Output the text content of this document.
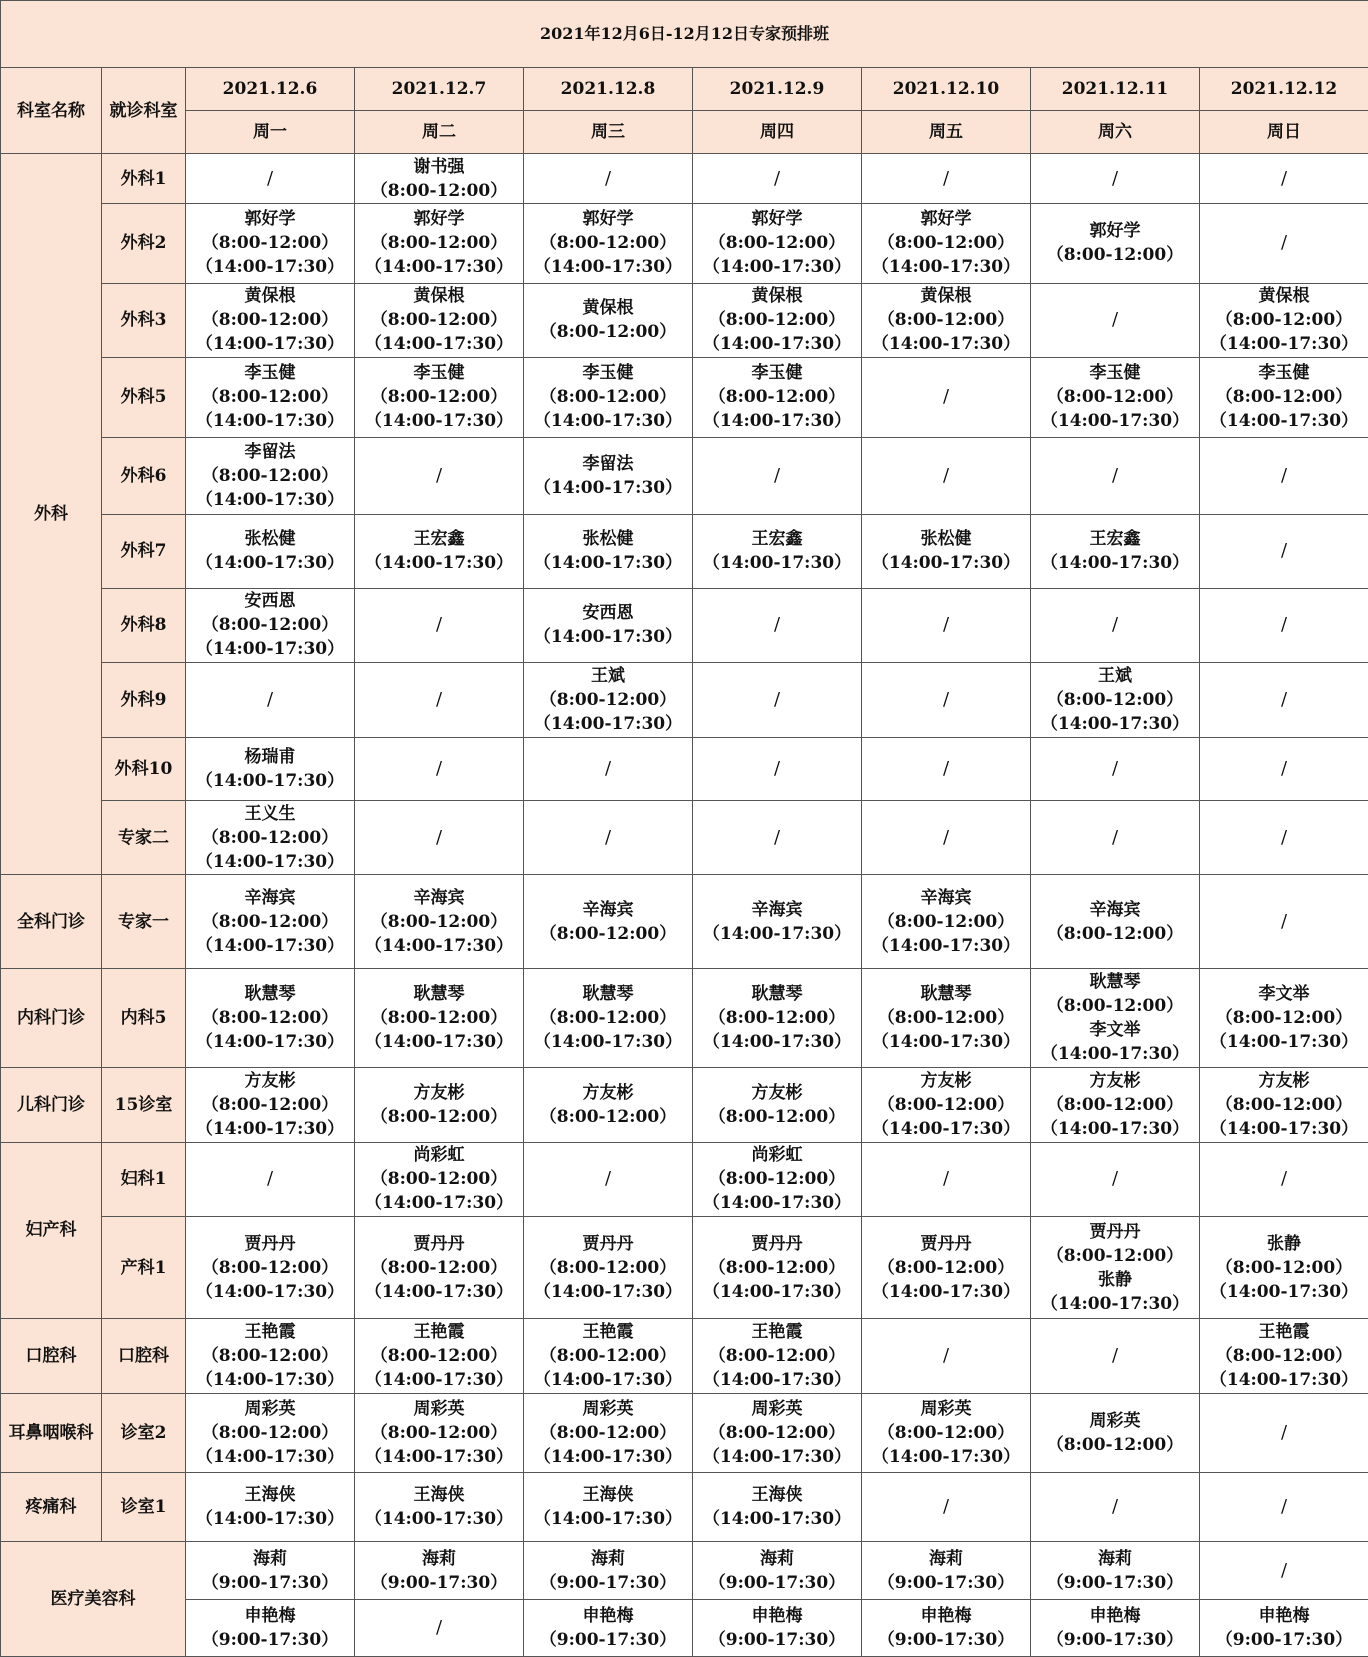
2021年12月6日-12月12日专家预排班								
科室名称	就诊科室	2021.12.6	2021.12.7	2021.12.8	2021.12.9	2021.12.10	2021.12.11	2021.12.12
		周一	周二	周三	周四	周五	周六	周日
外科	外科1	/	谢书强
（8:00-12:00）	/	/	/	/	/

	外科2	郭好学
（8:00-12:00）
（14:00-17:30）	郭好学
（8:00-12:00）
（14:00-17:30）	郭好学
（8:00-12:00）
（14:00-17:30）	郭好学
（8:00-12:00）
（14:00-17:30）	郭好学
（8:00-12:00）
（14:00-17:30）	郭好学
（8:00-12:00）	/

	外科3	黄保根
（8:00-12:00）
（14:00-17:30）	黄保根
（8:00-12:00）
（14:00-17:30）	黄保根
（8:00-12:00）	黄保根
（8:00-12:00）
（14:00-17:30）	黄保根
（8:00-12:00）
（14:00-17:30）	/	黄保根
（8:00-12:00）
（14:00-17:30）

	外科5	李玉健
（8:00-12:00）
（14:00-17:30）	李玉健
（8:00-12:00）
（14:00-17:30）	李玉健
（8:00-12:00）
（14:00-17:30）	李玉健
（8:00-12:00）
（14:00-17:30）	/	李玉健
（8:00-12:00）
（14:00-17:30）	李玉健
（8:00-12:00）
（14:00-17:30）

	外科6	李留法
（8:00-12:00）
（14:00-17:30）	/	李留法
（14:00-17:30）	/	/	/	/

	外科7	张松健
（14:00-17:30）	王宏鑫
（14:00-17:30）	张松健
（14:00-17:30）	王宏鑫
（14:00-17:30）	张松健
（14:00-17:30）	王宏鑫
（14:00-17:30）	/

	外科8	安西恩
（8:00-12:00）
（14:00-17:30）	/	安西恩
（14:00-17:30）	/	/	/	/

	外科9	/	/	王斌
（8:00-12:00）
（14:00-17:30）	/	/	王斌
（8:00-12:00）
（14:00-17:30）	/

	外科10	杨瑞甫
（14:00-17:30）	/	/	/	/	/	/

	专家二	王义生
（8:00-12:00）
（14:00-17:30）	/	/	/	/	/	/

全科门诊	专家一	辛海宾
（8:00-12:00）
（14:00-17:30）	辛海宾
（8:00-12:00）
（14:00-17:30）	辛海宾
（8:00-12:00）	辛海宾
（14:00-17:30）	辛海宾
（8:00-12:00）
（14:00-17:30）	辛海宾
（8:00-12:00）	/

内科门诊	内科5	耿慧琴
（8:00-12:00）
（14:00-17:30）	耿慧琴
（8:00-12:00）
（14:00-17:30）	耿慧琴
（8:00-12:00）
（14:00-17:30）	耿慧琴
（8:00-12:00）
（14:00-17:30）	耿慧琴
（8:00-12:00）
（14:00-17:30）	耿慧琴
（8:00-12:00）
李文举
（14:00-17:30）	李文举
（8:00-12:00）
（14:00-17:30）

儿科门诊	15诊室	方友彬
（8:00-12:00）
（14:00-17:30）	方友彬
（8:00-12:00）	方友彬
（8:00-12:00）	方友彬
（8:00-12:00）	方友彬
（8:00-12:00）
（14:00-17:30）	方友彬
（8:00-12:00）
（14:00-17:30）	方友彬
（8:00-12:00）
（14:00-17:30）

妇产科	妇科1	/	尚彩虹
（8:00-12:00）
（14:00-17:30）	/	尚彩虹
（8:00-12:00）
（14:00-17:30）	/	/	/

	产科1	贾丹丹
（8:00-12:00）
（14:00-17:30）	贾丹丹
（8:00-12:00）
（14:00-17:30）	贾丹丹
（8:00-12:00）
（14:00-17:30）	贾丹丹
（8:00-12:00）
（14:00-17:30）	贾丹丹
（8:00-12:00）
（14:00-17:30）	贾丹丹
（8:00-12:00）
张静
（14:00-17:30）	张静
（8:00-12:00）
（14:00-17:30）

口腔科	口腔科	王艳霞
（8:00-12:00）
（14:00-17:30）	王艳霞
（8:00-12:00）
（14:00-17:30）	王艳霞
（8:00-12:00）
（14:00-17:30）	王艳霞
（8:00-12:00）
（14:00-17:30）	/	/	王艳霞
（8:00-12:00）
（14:00-17:30）

耳鼻咽喉科	诊室2	周彩英
（8:00-12:00）
（14:00-17:30）	周彩英
（8:00-12:00）
（14:00-17:30）	周彩英
（8:00-12:00）
（14:00-17:30）	周彩英
（8:00-12:00）
（14:00-17:30）	周彩英
（8:00-12:00）
（14:00-17:30）	周彩英
（8:00-12:00）	/

疼痛科	诊室1	王海侠
（14:00-17:30）	王海侠
（14:00-17:30）	王海侠
（14:00-17:30）	王海侠
（14:00-17:30）	/	/	/

医疗美容科		海莉
（9:00-17:30）	海莉
（9:00-17:30）	海莉
（9:00-17:30）	海莉
（9:00-17:30）	海莉
（9:00-17:30）	海莉
（9:00-17:30）	/

		申艳梅
（9:00-17:30）	/	申艳梅
（9:00-17:30）	申艳梅
（9:00-17:30）	申艳梅
（9:00-17:30）	申艳梅
（9:00-17:30）	申艳梅
（9:00-17:30）
